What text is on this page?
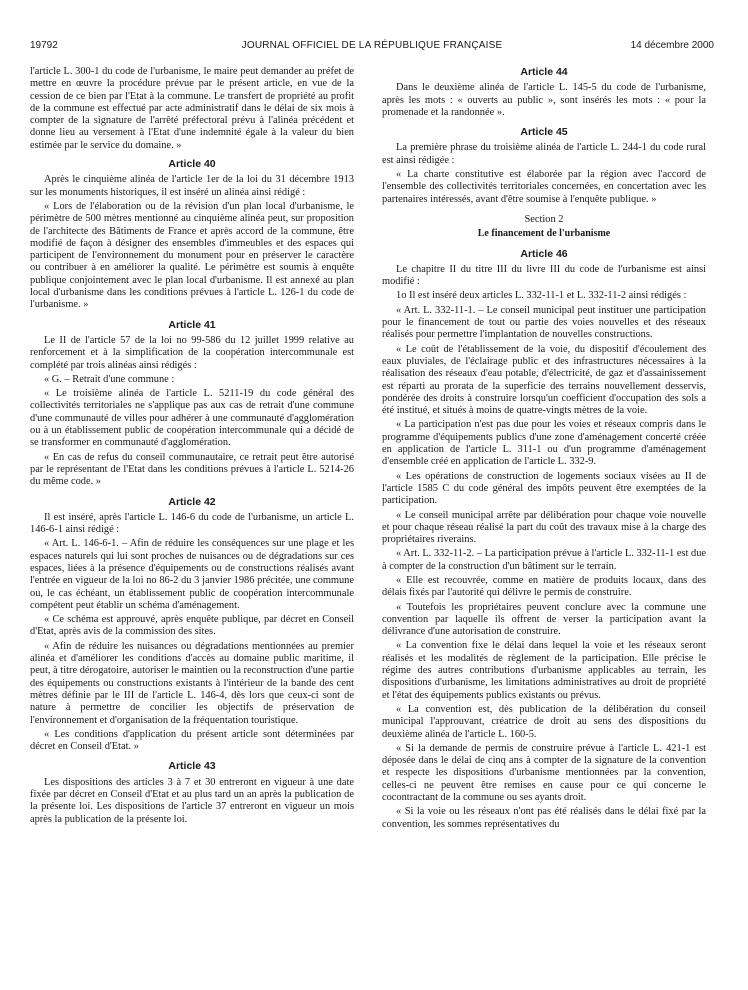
19792	JOURNAL OFFICIEL DE LA RÉPUBLIQUE FRANÇAISE	14 décembre 2000

l'article L. 300-1 du code de l'urbanisme, le maire peut demander au préfet de mettre en œuvre la procédure prévue par le présent article, en vue de la cession de ce bien par l'Etat à la commune. Le transfert de propriété au profit de la commune est effectué par acte administratif dans le délai de six mois à compter de la signature de l'arrêté préfectoral prévu à l'alinéa précédent et donne lieu au versement à l'Etat d'une indemnité égale à la valeur du bien estimée par le service du domaine. »

Article 40

Après le cinquième alinéa de l'article 1er de la loi du 31 décembre 1913 sur les monuments historiques, il est inséré un alinéa ainsi rédigé :

« Lors de l'élaboration ou de la révision d'un plan local d'urbanisme, le périmètre de 500 mètres mentionné au cinquième alinéa peut, sur proposition de l'architecte des Bâtiments de France et après accord de la commune, être modifié de façon à désigner des ensembles d'immeubles et des espaces qui participent de l'environnement du monument pour en préserver le caractère ou contribuer à en améliorer la qualité. Le périmètre est soumis à enquête publique conjointement avec le plan local d'urbanisme. Il est annexé au plan local d'urbanisme dans les conditions prévues à l'article L. 126-1 du code de l'urbanisme. »

Article 41

Le II de l'article 57 de la loi no 99-586 du 12 juillet 1999 relative au renforcement et à la simplification de la coopération intercommunale est complété par trois alinéas ainsi rédigés :

« G. – Retrait d'une commune :

« Le troisième alinéa de l'article L. 5211-19 du code général des collectivités territoriales ne s'applique pas aux cas de retrait d'une commune d'une communauté de villes pour adhérer à une communauté d'agglomération ou à un établissement public de coopération intercommunale qui a décidé de se transformer en communauté d'agglomération.

« En cas de refus du conseil communautaire, ce retrait peut être autorisé par le représentant de l'Etat dans les conditions prévues à l'article L. 5214-26 du même code. »

Article 42

Il est inséré, après l'article L. 146-6 du code de l'urbanisme, un article L. 146-6-1 ainsi rédigé :

« Art. L. 146-6-1. – Afin de réduire les conséquences sur une plage et les espaces naturels qui lui sont proches de nuisances ou de dégradations sur ces espaces, liées à la présence d'équipements ou de constructions réalisés avant l'entrée en vigueur de la loi no 86-2 du 3 janvier 1986 précitée, une commune ou, le cas échéant, un établissement public de coopération intercommunale compétent peut établir un schéma d'aménagement.

« Ce schéma est approuvé, après enquête publique, par décret en Conseil d'Etat, après avis de la commission des sites.

« Afin de réduire les nuisances ou dégradations mentionnées au premier alinéa et d'améliorer les conditions d'accès au domaine public maritime, il peut, à titre dérogatoire, autoriser le maintien ou la reconstruction d'une partie des équipements ou constructions existants à l'intérieur de la bande des cent mètres définie par le III de l'article L. 146-4, dès lors que ceux-ci sont de nature à permettre de concilier les objectifs de préservation de l'environnement et d'organisation de la fréquentation touristique.

« Les conditions d'application du présent article sont déterminées par décret en Conseil d'Etat. »

Article 43

Les dispositions des articles 3 à 7 et 30 entreront en vigueur à une date fixée par décret en Conseil d'Etat et au plus tard un an après la publication de la présente loi. Les dispositions de l'article 37 entreront en vigueur un mois après la publication de la présente loi.

Article 44

Dans le deuxième alinéa de l'article L. 145-5 du code de l'urbanisme, après les mots : « ouverts au public », sont insérés les mots : « pour la promenade et la randonnée ».

Article 45

La première phrase du troisième alinéa de l'article L. 244-1 du code rural est ainsi rédigée :

« La charte constitutive est élaborée par la région avec l'accord de l'ensemble des collectivités territoriales concernées, en concertation avec les partenaires intéressés, avant d'être soumise à l'enquête publique. »

Section 2
Le financement de l'urbanisme
Article 46

Le chapitre II du titre III du livre III du code de l'urbanisme est ainsi modifié :

1o Il est inséré deux articles L. 332-11-1 et L. 332-11-2 ainsi rédigés :

« Art. L. 332-11-1. – Le conseil municipal peut instituer une participation pour le financement de tout ou partie des voies nouvelles et des réseaux réalisés pour permettre l'implantation de nouvelles constructions.

« Le coût de l'établissement de la voie, du dispositif d'écoulement des eaux pluviales, de l'éclairage public et des infrastructures nécessaires à la réalisation des réseaux d'eau potable, d'électricité, de gaz et d'assainissement est réparti au prorata de la superficie des terrains nouvellement desservis, pondérée des droits à construire lorsqu'un coefficient d'occupation des sols a été institué, et situés à moins de quatre-vingts mètres de la voie.

« La participation n'est pas due pour les voies et réseaux compris dans le programme d'équipements publics d'une zone d'aménagement concerté créée en application de l'article L. 311-1 ou d'un programme d'aménagement d'ensemble créé en application de l'article L. 332-9.

« Les opérations de construction de logements sociaux visées au II de l'article 1585 C du code général des impôts peuvent être exemptées de la participation.

« Le conseil municipal arrête par délibération pour chaque voie nouvelle et pour chaque réseau réalisé la part du coût des travaux mise à la charge des propriétaires riverains.

« Art. L. 332-11-2. – La participation prévue à l'article L. 332-11-1 est due à compter de la construction d'un bâtiment sur le terrain.

« Elle est recouvrée, comme en matière de produits locaux, dans des délais fixés par l'autorité qui délivre le permis de construire.

« Toutefois les propriétaires peuvent conclure avec la commune une convention par laquelle ils offrent de verser la participation avant la délivrance d'une autorisation de construire.

« La convention fixe le délai dans lequel la voie et les réseaux seront réalisés et les modalités de règlement de la participation. Elle précise le régime des autres contributions d'urbanisme applicables au terrain, les dispositions d'urbanisme, les limitations administratives au droit de propriété et l'état des équipements publics existants ou prévus.

« La convention est, dès publication de la délibération du conseil municipal l'approuvant, créatrice de droit au sens des dispositions du deuxième alinéa de l'article L. 160-5.

« Si la demande de permis de construire prévue à l'article L. 421-1 est déposée dans le délai de cinq ans à compter de la signature de la convention et respecte les dispositions d'urbanisme mentionnées par la convention, celles-ci ne peuvent être remises en cause pour ce qui concerne le cocontractant de la commune ou ses ayants droit.

« Si la voie ou les réseaux n'ont pas été réalisés dans le délai fixé par la convention, les sommes représentatives du
